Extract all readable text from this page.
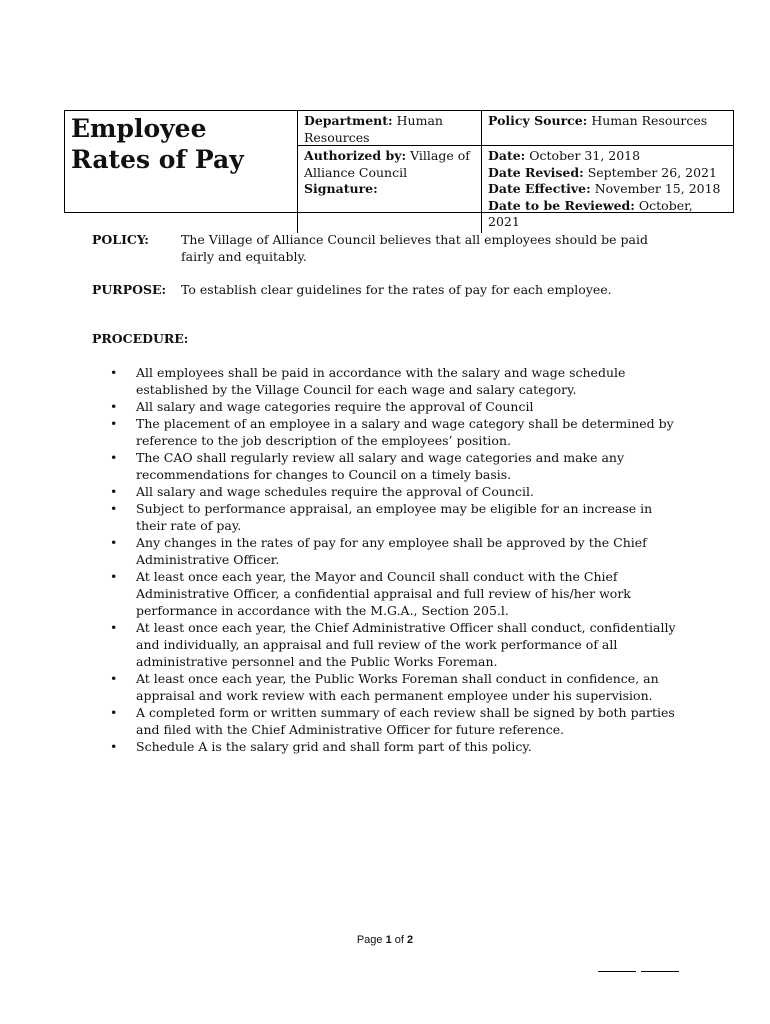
Employee
Rates of Pay
Department: Human Resources
Policy Source: Human Resources
Authorized by: Village of Alliance Council
Signature:
Date: October 31, 2018
Date Revised: September 26, 2021
Date Effective: November 15, 2018
Date to be Reviewed: October, 2021
POLICY:	The Village of Alliance Council believes that all employees should be paid fairly and equitably.
PURPOSE: To establish clear guidelines for the rates of pay for each employee.
PROCEDURE:
• All employees shall be paid in accordance with the salary and wage schedule established by the Village Council for each wage and salary category.
• All salary and wage categories require the approval of Council
• The placement of an employee in a salary and wage category shall be determined by reference to the job description of the employees’ position.
• The CAO shall regularly review all salary and wage categories and make any recommendations for changes to Council on a timely basis.
• All salary and wage schedules require the approval of Council.
• Subject to performance appraisal, an employee may be eligible for an increase in their rate of pay.
• Any changes in the rates of pay for any employee shall be approved by the Chief Administrative Officer.
• At least once each year, the Mayor and Council shall conduct with the Chief Administrative Officer, a confidential appraisal and full review of his/her work performance in accordance with the M.G.A., Section 205.l.
• At least once each year, the Chief Administrative Officer shall conduct, confidentially and individually, an appraisal and full review of the work performance of all administrative personnel and the Public Works Foreman.
• At least once each year, the Public Works Foreman shall conduct in confidence, an appraisal and work review with each permanent employee under his supervision.
• A completed form or written summary of each review shall be signed by both parties and filed with the Chief Administrative Officer for future reference.
• Schedule A is the salary grid and shall form part of this policy.
Page 1 of 2
